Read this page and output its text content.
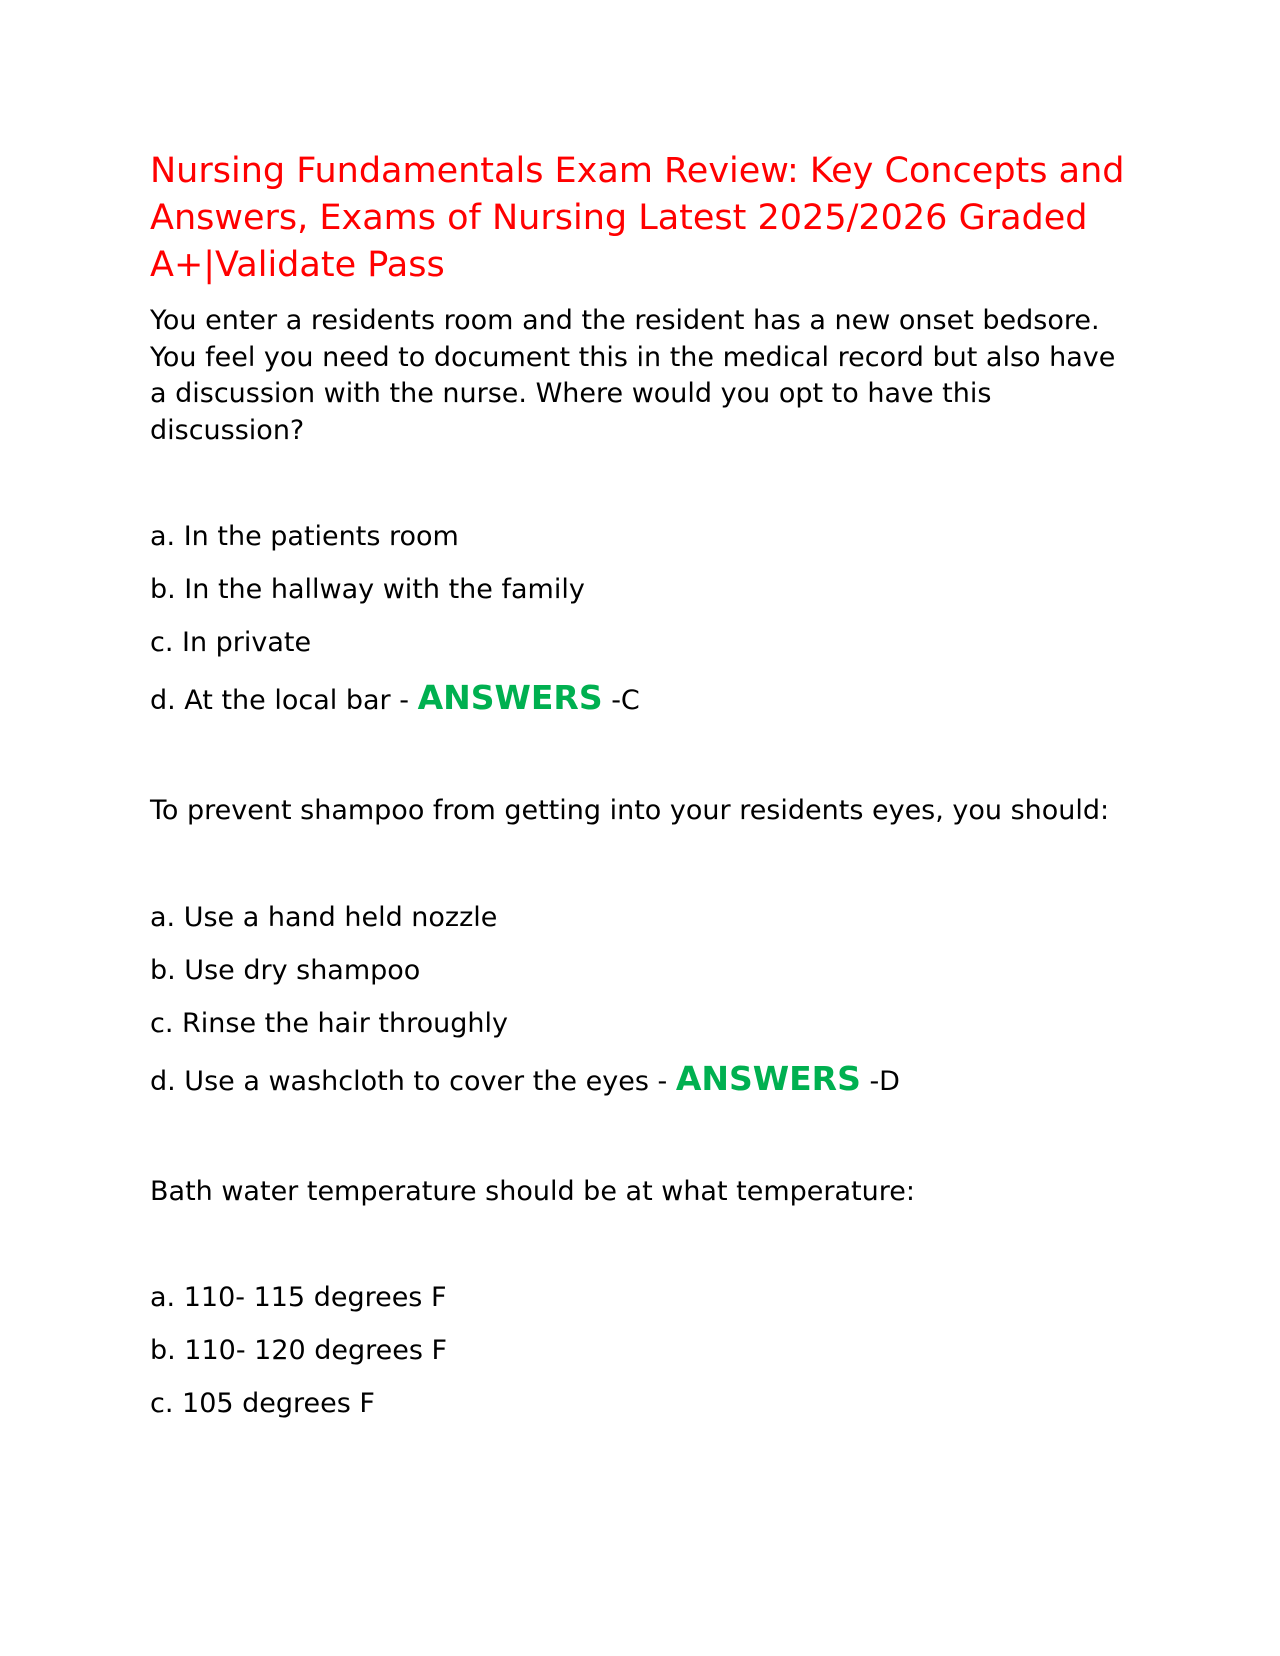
Nursing Fundamentals Exam Review: Key Concepts and Answers, Exams of Nursing Latest 2025/2026 Graded A+|Validate Pass

You enter a residents room and the resident has a new onset bedsore. You feel you need to document this in the medical record but also have a discussion with the nurse. Where would you opt to have this discussion?

a. In the patients room
b. In the hallway with the family
c. In private
d. At the local bar - ANSWERS -C

To prevent shampoo from getting into your residents eyes, you should:

a. Use a hand held nozzle
b. Use dry shampoo
c. Rinse the hair throughly
d. Use a washcloth to cover the eyes - ANSWERS -D

Bath water temperature should be at what temperature:

a. 110- 115 degrees F
b. 110- 120 degrees F
c. 105 degrees F
